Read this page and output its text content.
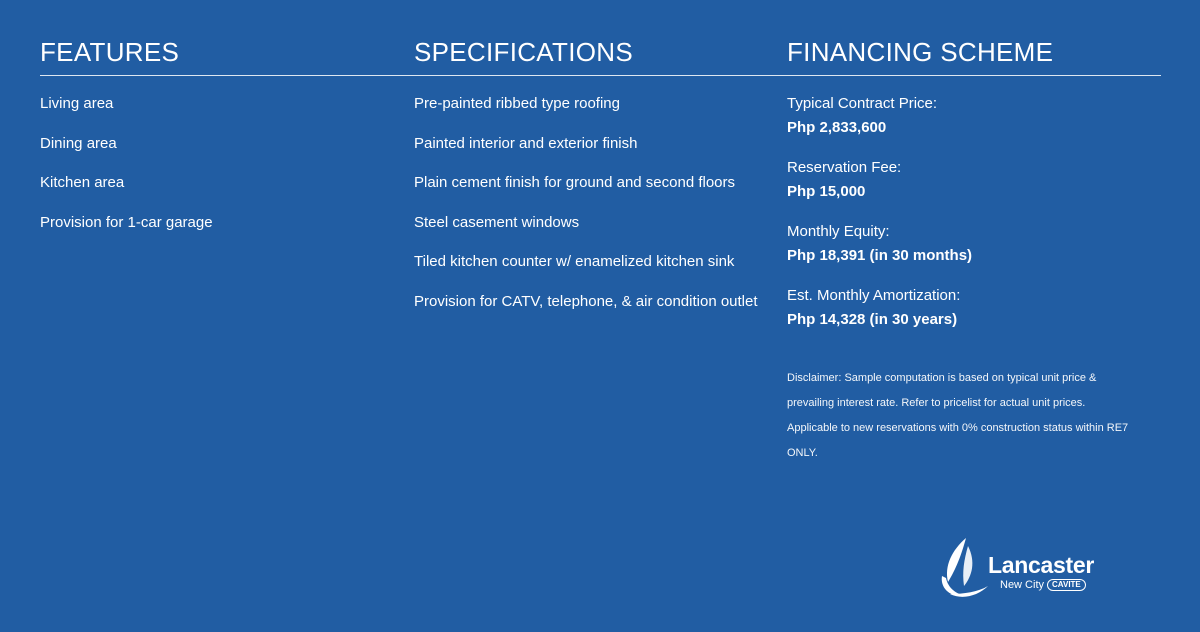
FEATURES
Living area
Dining area
Kitchen area
Provision for 1-car garage
SPECIFICATIONS
Pre-painted ribbed type roofing
Painted interior and exterior finish
Plain cement finish for ground and second floors
Steel casement windows
Tiled kitchen counter w/ enamelized kitchen sink
Provision for CATV, telephone, & air condition outlet
FINANCING SCHEME
Typical Contract Price:
Php 2,833,600
Reservation Fee:
Php 15,000
Monthly Equity:
Php 18,391 (in 30 months)
Est. Monthly Amortization:
Php 14,328 (in 30 years)

Disclaimer: Sample computation is based on typical unit price & prevailing interest rate. Refer to pricelist for actual unit prices. Applicable to new reservations with 0% construction status within RE7 ONLY.

Lancaster
New City	CAVITE
